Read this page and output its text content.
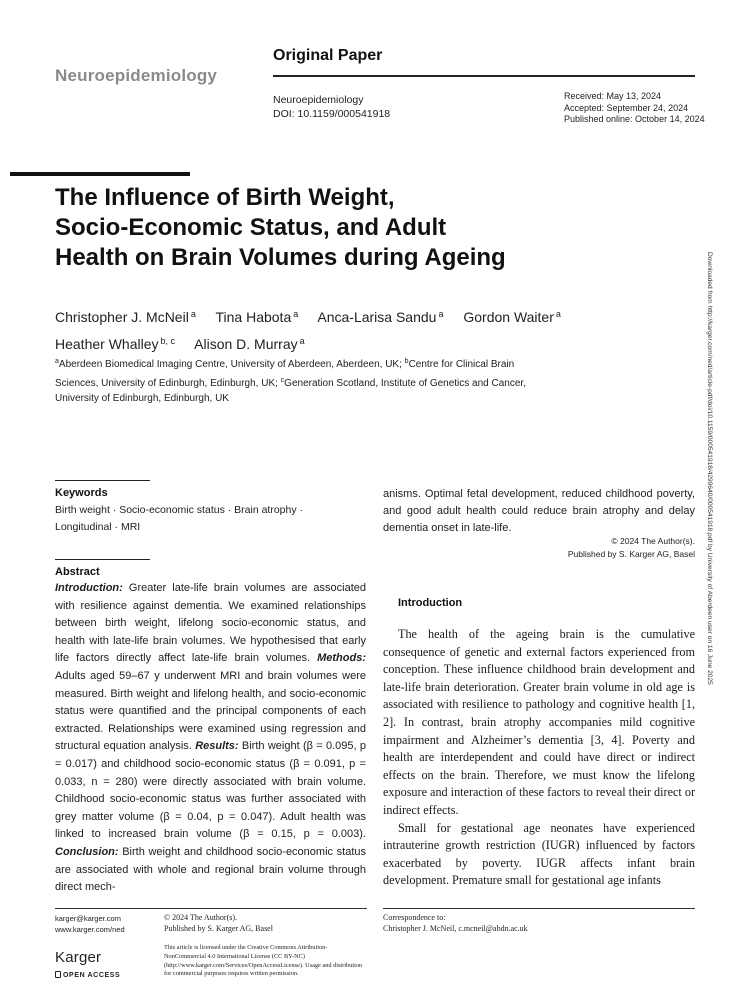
Neuroepidemiology
Original Paper
Neuroepidemiology
DOI: 10.1159/000541918
Received: May 13, 2024
Accepted: September 24, 2024
Published online: October 14, 2024
The Influence of Birth Weight,
Socio-Economic Status, and Adult
Health on Brain Volumes during Ageing
Christopher J. McNeil $^a$ Tina Habota $^a$ Anca-Larisa Sandu $^a$ Gordon Waiter $^a$
Heather Whalley $^{b, c}$ Alison D. Murray $^a$
$^a$Aberdeen Biomedical Imaging Centre, University of Aberdeen, Aberdeen, UK; $^b$Centre for Clinical Brain Sciences, University of Edinburgh, Edinburgh, UK; $^c$Generation Scotland, Institute of Genetics and Cancer, University of Edinburgh, Edinburgh, UK
Keywords
Birth weight · Socio-economic status · Brain atrophy · Longitudinal · MRI
Abstract
Introduction: Greater late-life brain volumes are associated with resilience against dementia. We examined relationships between birth weight, lifelong socio-economic status, and health with late-life brain volumes. We hypothesised that early life factors directly affect late-life brain volumes. Methods: Adults aged 59–67 y underwent MRI and brain volumes were measured. Birth weight and lifelong health, and socio-economic status were quantified and the principal components of each extracted. Relationships were examined using regression and structural equation analysis. Results: Birth weight (β = 0.095, p = 0.017) and childhood socio-economic status (β = 0.091, p = 0.033, n = 280) were directly associated with brain volume. Childhood socio-economic status was further associated with grey matter volume (β = 0.04, p = 0.047). Adult health was linked to increased brain volume (β = 0.15, p = 0.003). Conclusion: Birth weight and childhood socio-economic status are associated with whole and regional brain volume through direct mech-
anisms. Optimal fetal development, reduced childhood poverty, and good adult health could reduce brain atrophy and delay dementia onset in late-life.
© 2024 The Author(s).
Published by S. Karger AG, Basel
Introduction

The health of the ageing brain is the cumulative consequence of genetic and external factors experienced from conception. These influence childhood brain development and late-life brain deterioration. Greater brain volume in old age is associated with resilience to pathology and cognitive health [1, 2]. In contrast, brain atrophy accompanies mild cognitive impairment and Alzheimer’s dementia [3, 4]. Poverty and health are interdependent and could have direct or indirect effects on the brain. Therefore, we must know the lifelong exposure and interaction of these factors to reveal their direct or indirect effects.

Small for gestational age neonates have experienced intrauterine growth restriction (IUGR) influenced by factors exacerbated by poverty. IUGR affects infant brain development. Premature small for gestational age infants

karger@karger.com
www.karger.com/ned
Karger
OPEN ACCESS
© 2024 The Author(s).
Published by S. Karger AG, Basel
This article is licensed under the Creative Commons Attribution-NonCommercial 4.0 International License (CC BY-NC) (http://www.karger.com/Services/OpenAccessLicense). Usage and distribution for commercial purposes requires written permission.
Correspondence to:
Christopher J. McNeil, c.mcneil@abdn.ac.uk
Downloaded from http://karger.com/ned/article-pdf/doi/10.1159/000541918/4299640/000541918.pdf by University of Aberdeen user on 16 June 2025
